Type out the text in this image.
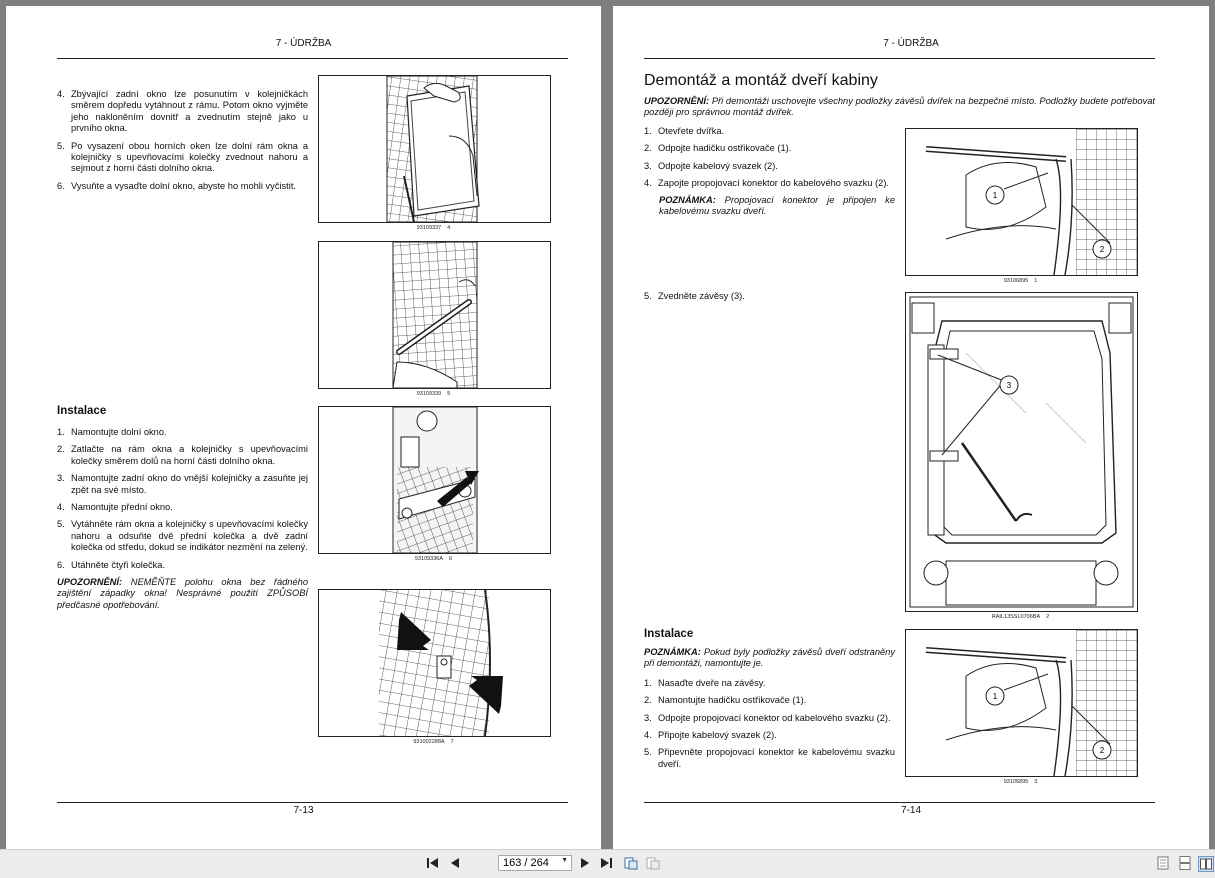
7 - ÚDRŽBA
4. Zbývající zadní okno lze posunutím v kolejničkách směrem dopředu vytáhnout z rámu. Potom okno vyjměte jeho nakloněním dovnitř a zvednutím stejně jako u prvního okna.
5. Po vysazení obou horních oken lze dolní rám okna a kolejničky s upevňovacími kolečky zvednout nahoru a sejmout z horní části dolního okna.
6. Vysuňte a vysaďte dolní okno, abyste ho mohli vyčistit.
Instalace
1. Namontujte dolní okno.
2. Zatlačte na rám okna a kolejničky s upevňovacími kolečky směrem dolů na horní části dolního okna.
3. Namontujte zadní okno do vnější kolejničky a zasuňte jej zpět na své místo.
4. Namontujte přední okno.
5. Vytáhněte rám okna a kolejničky s upevňovacími kolečky nahoru a odsuňte dvě přední kolečka a dvě zadní kolečka od středu, dokud se indikátor nezmění na zelený.
6. Utáhněte čtyři kolečka.
UPOZORNĚNÍ: NEMĚŇTE polohu okna bez řádného zajištění západky okna! Nesprávné použití ZPŮSOBÍ předčasné opotřebování.
93109337 4
93109339 5
93109336A 6
931002288A 7
7-13
7 - ÚDRŽBA
Demontáž a montáž dveří kabiny
UPOZORNĚNÍ: Při demontáži uschovejte všechny podložky závěsů dvířek na bezpečné místo. Podložky budete potřebovat později pro správnou montáž dvířek.
1. Otevřete dvířka.
2. Odpojte hadičku ostřikovače (1).
3. Odpojte kabelový svazek (2).
4. Zapojte propojovací konektor do kabelového svazku (2).
POZNÁMKA: Propojovací konektor je připojen ke kabelovému svazku dveří.
5. Zvedněte závěsy (3).
Instalace
POZNÁMKA: Pokud byly podložky závěsů dveří odstraněny při demontáži, namontujte je.
1. Nasaďte dveře na závěsy.
2. Namontujte hadičku ostřikovače (1).
3. Odpojte propojovací konektor od kabelového svazku (2).
4. Připojte kabelový svazek (2).
5. Připevněte propojovací konektor ke kabelovému svazku dveří.
1
2
93106895 1
3
RAIL13SSL0706BA 2
1
2
93106895 3
7-14
163 / 264 ▼
